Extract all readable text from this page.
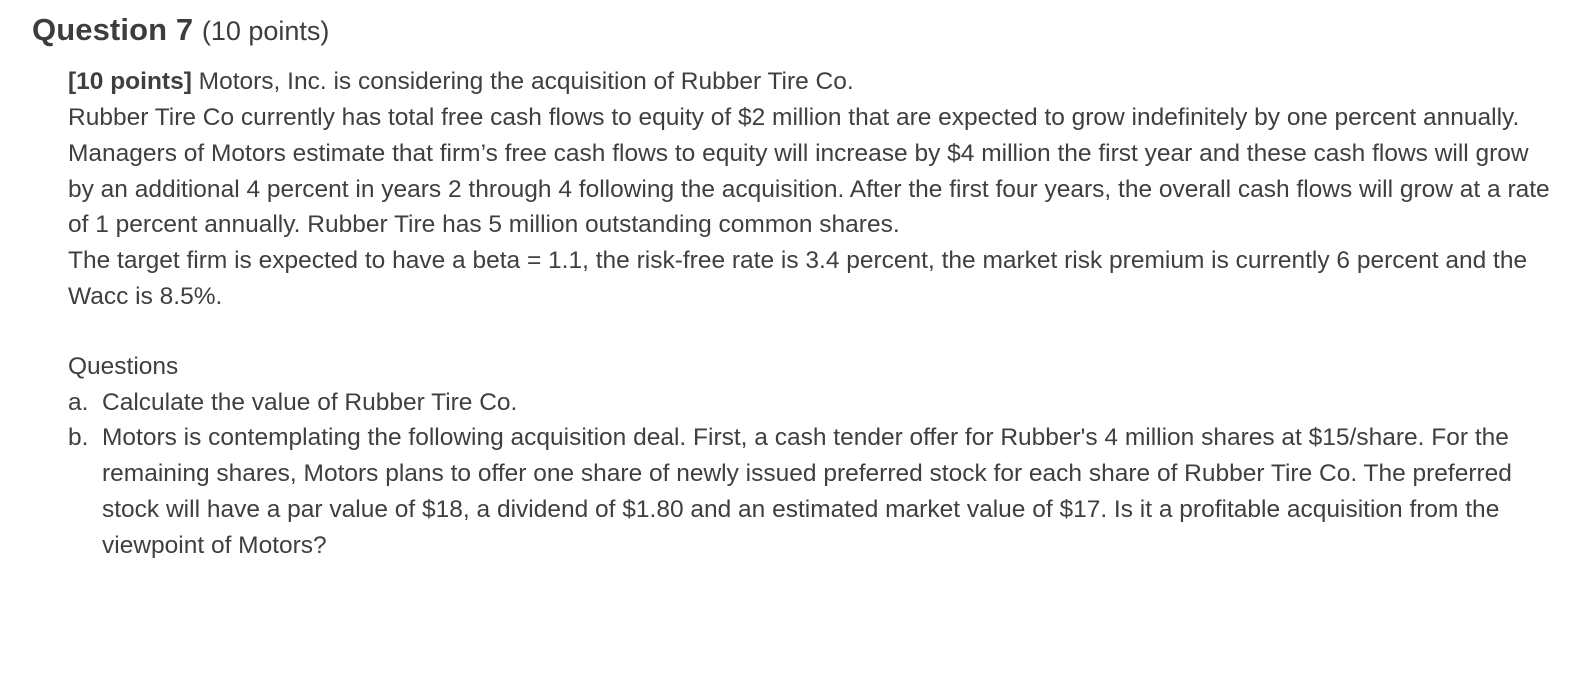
Question 7 (10 points)

[10 points] Motors, Inc. is considering the acquisition of Rubber Tire Co.

Rubber Tire Co currently has total free cash flows to equity of $2 million that are expected to grow indefinitely by one percent annually. Managers of Motors estimate that firm’s free cash flows to equity will increase by $4 million the first year and these cash flows will grow by an additional 4 percent in years 2 through 4 following the acquisition. After the first four years, the overall cash flows will grow at a rate of 1 percent annually. Rubber Tire has 5 million outstanding common shares.

The target firm is expected to have a beta = 1.1, the risk-free rate is 3.4 percent, the market risk premium is currently 6 percent and the Wacc is 8.5%.

Questions

a. Calculate the value of Rubber Tire Co.
b. Motors is contemplating the following acquisition deal. First, a cash tender offer for Rubber's 4 million shares at $15/share. For the remaining shares, Motors plans to offer one share of newly issued preferred stock for each share of Rubber Tire Co. The preferred stock will have a par value of $18, a dividend of $1.80 and an estimated market value of $17. Is it a profitable acquisition from the viewpoint of Motors?
